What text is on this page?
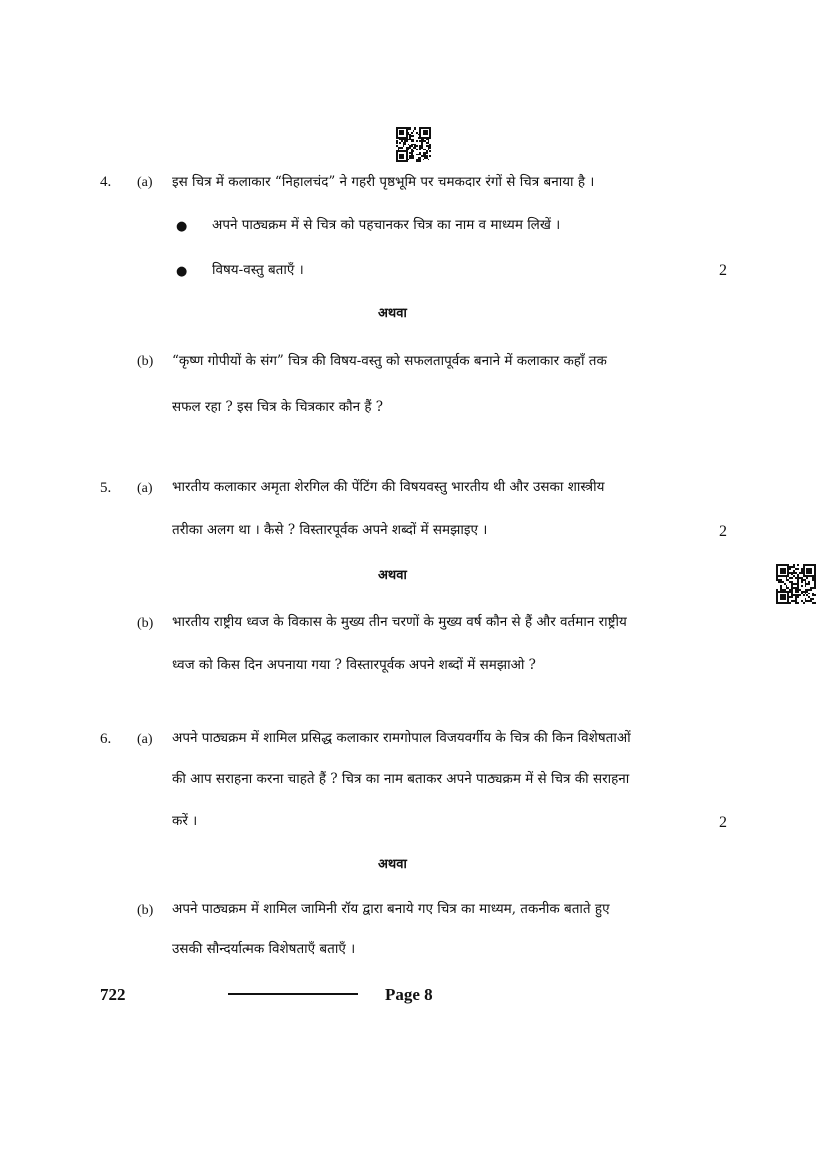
4. (a) इस चित्र में कलाकार “निहालचंद” ने गहरी पृष्ठभूमि पर चमकदार रंगों से चित्र बनाया है ।
● अपने पाठ्यक्रम में से चित्र को पहचानकर चित्र का नाम व माध्यम लिखें ।
● विषय-वस्तु बताएँ ।	2
अथवा
(b) “कृष्ण गोपीयों के संग” चित्र की विषय-वस्तु को सफलतापूर्वक बनाने में कलाकार कहाँ तक
सफल रहा ? इस चित्र के चित्रकार कौन हैं ?
5. (a) भारतीय कलाकार अमृता शेरगिल की पेंटिंग की विषयवस्तु भारतीय थी और उसका शास्त्रीय
तरीका अलग था । कैसे ? विस्तारपूर्वक अपने शब्दों में समझाइए ।	2
अथवा
(b) भारतीय राष्ट्रीय ध्वज के विकास के मुख्य तीन चरणों के मुख्य वर्ष कौन से हैं और वर्तमान राष्ट्रीय
ध्वज को किस दिन अपनाया गया ? विस्तारपूर्वक अपने शब्दों में समझाओ ?
6. (a) अपने पाठ्यक्रम में शामिल प्रसिद्ध कलाकार रामगोपाल विजयवर्गीय के चित्र की किन विशेषताओं
की आप सराहना करना चाहते हैं ? चित्र का नाम बताकर अपने पाठ्यक्रम में से चित्र की सराहना
करें ।	2
अथवा
(b) अपने पाठ्यक्रम में शामिल जामिनी रॉय द्वारा बनाये गए चित्र का माध्यम, तकनीक बताते हुए
उसकी सौन्दर्यात्मक विशेषताएँ बताएँ ।
722	Page 8
